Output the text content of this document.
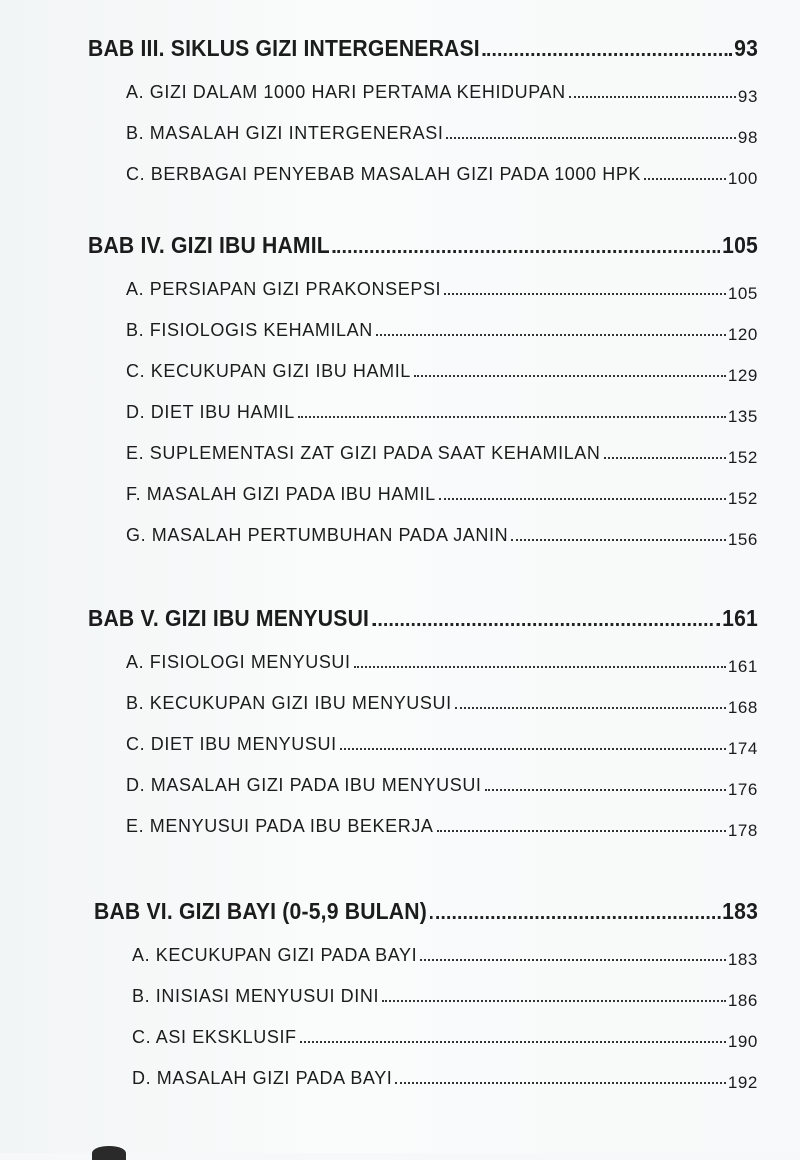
BAB III. SIKLUS GIZI INTERGENERASI	93
A. GIZI DALAM 1000 HARI PERTAMA KEHIDUPAN	93
B. MASALAH GIZI INTERGENERASI	98
C. BERBAGAI PENYEBAB MASALAH GIZI PADA 1000 HPK	100
BAB IV. GIZI IBU HAMIL	105
A. PERSIAPAN GIZI PRAKONSEPSI	105
B. FISIOLOGIS KEHAMILAN	120
C. KECUKUPAN GIZI IBU HAMIL	129
D. DIET IBU HAMIL	135
E. SUPLEMENTASI ZAT GIZI PADA SAAT KEHAMILAN	152
F. MASALAH GIZI PADA IBU HAMIL	152
G. MASALAH PERTUMBUHAN PADA JANIN	156
BAB V. GIZI IBU MENYUSUI	161
A. FISIOLOGI MENYUSUI	161
B. KECUKUPAN GIZI IBU MENYUSUI	168
C. DIET IBU MENYUSUI	174
D. MASALAH GIZI PADA IBU MENYUSUI	176
E. MENYUSUI PADA IBU BEKERJA	178
BAB VI. GIZI BAYI (0-5,9 BULAN)	183
A. KECUKUPAN GIZI PADA BAYI	183
B. INISIASI MENYUSUI DINI	186
C. ASI EKSKLUSIF	190
D. MASALAH GIZI PADA BAYI	192
